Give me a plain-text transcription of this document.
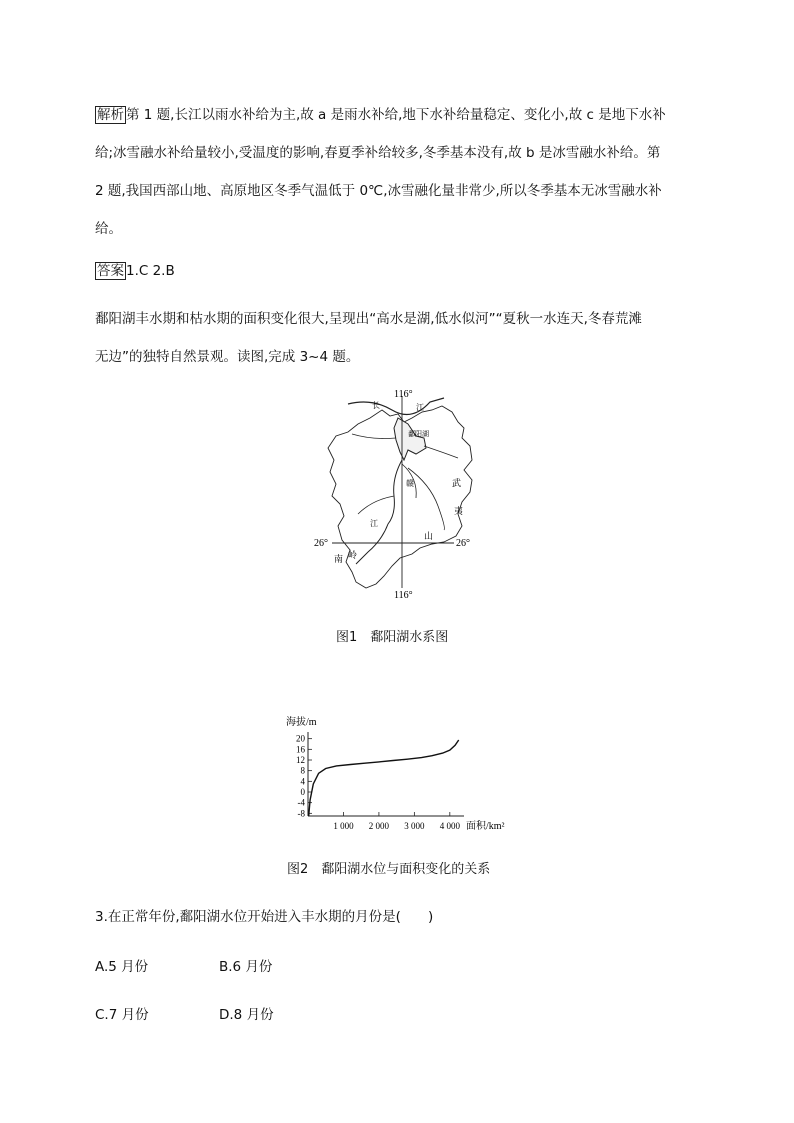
解析 第 1 题,长江以雨水补给为主,故 a 是雨水补给,地下水补给量稳定、变化小,故 c 是地下水补
给;冰雪融水补给量较小,受温度的影响,春夏季补给较多,冬季基本没有,故 b 是冰雪融水补给。第
2 题,我国西部山地、高原地区冬季气温低于 0℃,冰雪融化量非常少,所以冬季基本无冰雪融水补
给。
答案 1.C 2.B
鄱阳湖丰水期和枯水期的面积变化很大,呈现出“高水是湖,低水似河”“夏秋一水连天,冬春荒滩
无边”的独特自然景观。读图,完成 3~4 题。
116°
116°
26°	26°
长	江
鄱阳湖
赣
江
武
夷
山
南 岭
图1　鄱阳湖水系图
海拔/m
面积/km²
20
16
12
8
4
0
-4
-8
1 000 2 000 3 000 4 000
图2　鄱阳湖水位与面积变化的关系
3.在正常年份,鄱阳湖水位开始进入丰水期的月份是(　　)
A.5 月份	B.6 月份
C.7 月份	D.8 月份
